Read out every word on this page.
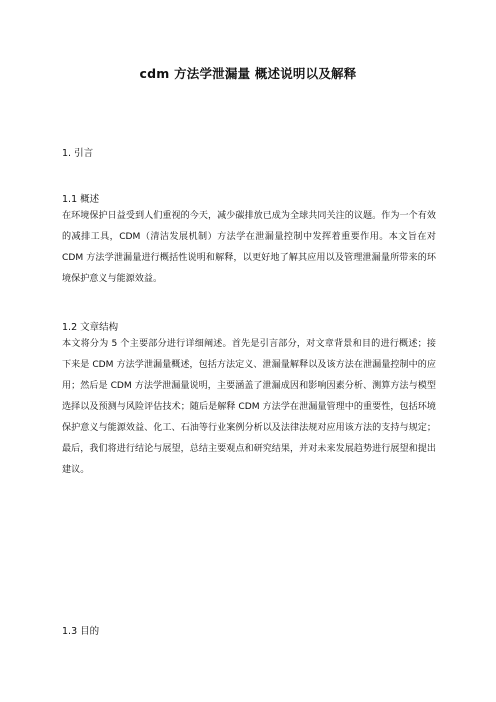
cdm 方法学泄漏量 概述说明以及解释
1. 引言
1.1 概述
在环境保护日益受到人们重视的今天，减少碳排放已成为全球共同关注的议题。作为一个有效的减排工具，CDM（清洁发展机制）方法学在泄漏量控制中发挥着重要作用。本文旨在对 CDM 方法学泄漏量进行概括性说明和解释，以更好地了解其应用以及管理泄漏量所带来的环境保护意义与能源效益。
1.2 文章结构
本文将分为 5 个主要部分进行详细阐述。首先是引言部分，对文章背景和目的进行概述；接下来是 CDM 方法学泄漏量概述，包括方法定义、泄漏量解释以及该方法在泄漏量控制中的应用；然后是 CDM 方法学泄漏量说明，主要涵盖了泄漏成因和影响因素分析、测算方法与模型选择以及预测与风险评估技术；随后是解释 CDM 方法学在泄漏量管理中的重要性，包括环境保护意义与能源效益、化工、石油等行业案例分析以及法律法规对应用该方法的支持与规定；最后，我们将进行结论与展望，总结主要观点和研究结果，并对未来发展趋势进行展望和提出建议。
1.3 目的
